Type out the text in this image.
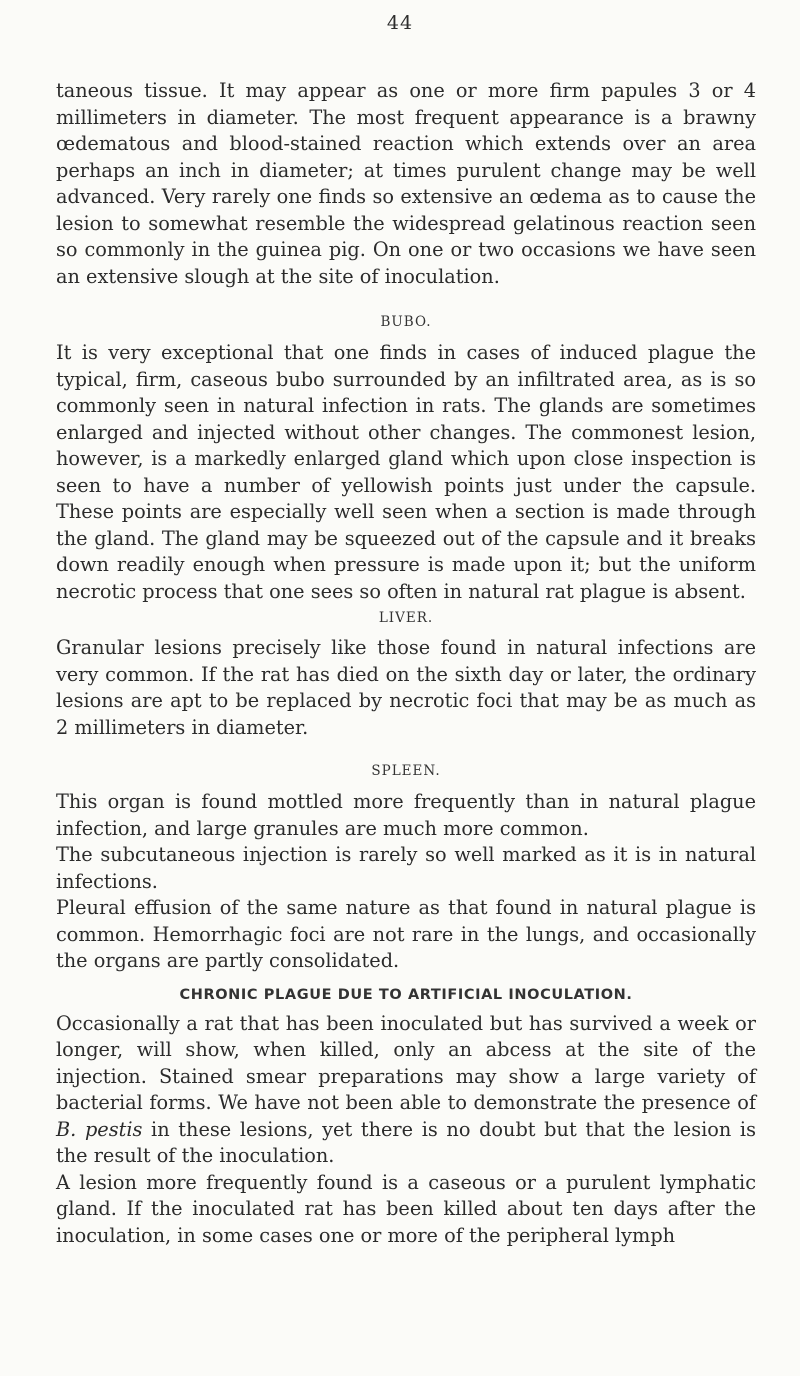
44

taneous tissue. It may appear as one or more firm papules 3 or 4 millimeters in diameter. The most frequent appearance is a brawny œdematous and blood-stained reaction which extends over an area perhaps an inch in diameter; at times purulent change may be well advanced. Very rarely one finds so extensive an œdema as to cause the lesion to somewhat resemble the widespread gelatinous reaction seen so commonly in the guinea pig. On one or two occasions we have seen an extensive slough at the site of inoculation.

BUBO.

It is very exceptional that one finds in cases of induced plague the typical, firm, caseous bubo surrounded by an infiltrated area, as is so commonly seen in natural infection in rats. The glands are sometimes enlarged and injected without other changes. The commonest lesion, however, is a markedly enlarged gland which upon close inspection is seen to have a number of yellowish points just under the capsule. These points are especially well seen when a section is made through the gland. The gland may be squeezed out of the capsule and it breaks down readily enough when pressure is made upon it; but the uniform necrotic process that one sees so often in natural rat plague is absent.

LIVER.

Granular lesions precisely like those found in natural infections are very common. If the rat has died on the sixth day or later, the ordinary lesions are apt to be replaced by necrotic foci that may be as much as 2 millimeters in diameter.

SPLEEN.

This organ is found mottled more frequently than in natural plague infection, and large granules are much more common.

The subcutaneous injection is rarely so well marked as it is in natural infections.

Pleural effusion of the same nature as that found in natural plague is common. Hemorrhagic foci are not rare in the lungs, and occasionally the organs are partly consolidated.

CHRONIC PLAGUE DUE TO ARTIFICIAL INOCULATION.

Occasionally a rat that has been inoculated but has survived a week or longer, will show, when killed, only an abcess at the site of the injection. Stained smear preparations may show a large variety of bacterial forms. We have not been able to demonstrate the presence of B. pestis in these lesions, yet there is no doubt but that the lesion is the result of the inoculation.

A lesion more frequently found is a caseous or a purulent lymphatic gland. If the inoculated rat has been killed about ten days after the inoculation, in some cases one or more of the peripheral lymph
